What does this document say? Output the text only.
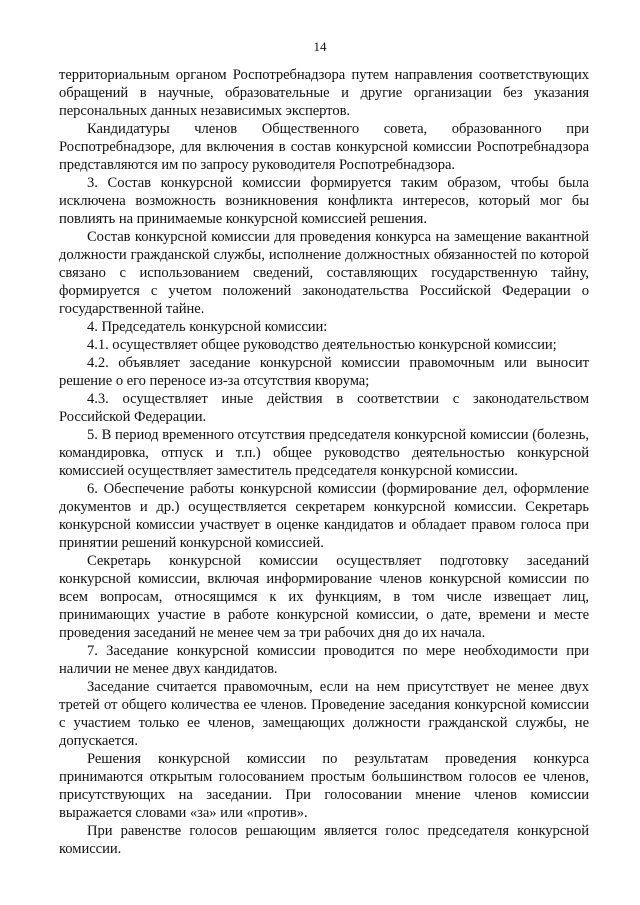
14

территориальным органом Роспотребнадзора путем направления соответствующих обращений в научные, образовательные и другие организации без указания персональных данных независимых экспертов.

Кандидатуры членов Общественного совета, образованного при Роспотребнадзоре, для включения в состав конкурсной комиссии Роспотребнадзора представляются им по запросу руководителя Роспотребнадзора.

3. Состав конкурсной комиссии формируется таким образом, чтобы была исключена возможность возникновения конфликта интересов, который мог бы повлиять на принимаемые конкурсной комиссией решения.

Состав конкурсной комиссии для проведения конкурса на замещение вакантной должности гражданской службы, исполнение должностных обязанностей по которой связано с использованием сведений, составляющих государственную тайну, формируется с учетом положений законодательства Российской Федерации о государственной тайне.

4. Председатель конкурсной комиссии:

4.1. осуществляет общее руководство деятельностью конкурсной комиссии;

4.2. объявляет заседание конкурсной комиссии правомочным или выносит решение о его переносе из-за отсутствия кворума;

4.3. осуществляет иные действия в соответствии с законодательством Российской Федерации.

5. В период временного отсутствия председателя конкурсной комиссии (болезнь, командировка, отпуск и т.п.) общее руководство деятельностью конкурсной комиссией осуществляет заместитель председателя конкурсной комиссии.

6. Обеспечение работы конкурсной комиссии (формирование дел, оформление документов и др.) осуществляется секретарем конкурсной комиссии. Секретарь конкурсной комиссии участвует в оценке кандидатов и обладает правом голоса при принятии решений конкурсной комиссией.

Секретарь конкурсной комиссии осуществляет подготовку заседаний конкурсной комиссии, включая информирование членов конкурсной комиссии по всем вопросам, относящимся к их функциям, в том числе извещает лиц, принимающих участие в работе конкурсной комиссии, о дате, времени и месте проведения заседаний не менее чем за три рабочих дня до их начала.

7. Заседание конкурсной комиссии проводится по мере необходимости при наличии не менее двух кандидатов.

Заседание считается правомочным, если на нем присутствует не менее двух третей от общего количества ее членов. Проведение заседания конкурсной комиссии с участием только ее членов, замещающих должности гражданской службы, не допускается.

Решения конкурсной комиссии по результатам проведения конкурса принимаются открытым голосованием простым большинством голосов ее членов, присутствующих на заседании. При голосовании мнение членов комиссии выражается словами «за» или «против».

При равенстве голосов решающим является голос председателя конкурсной комиссии.
